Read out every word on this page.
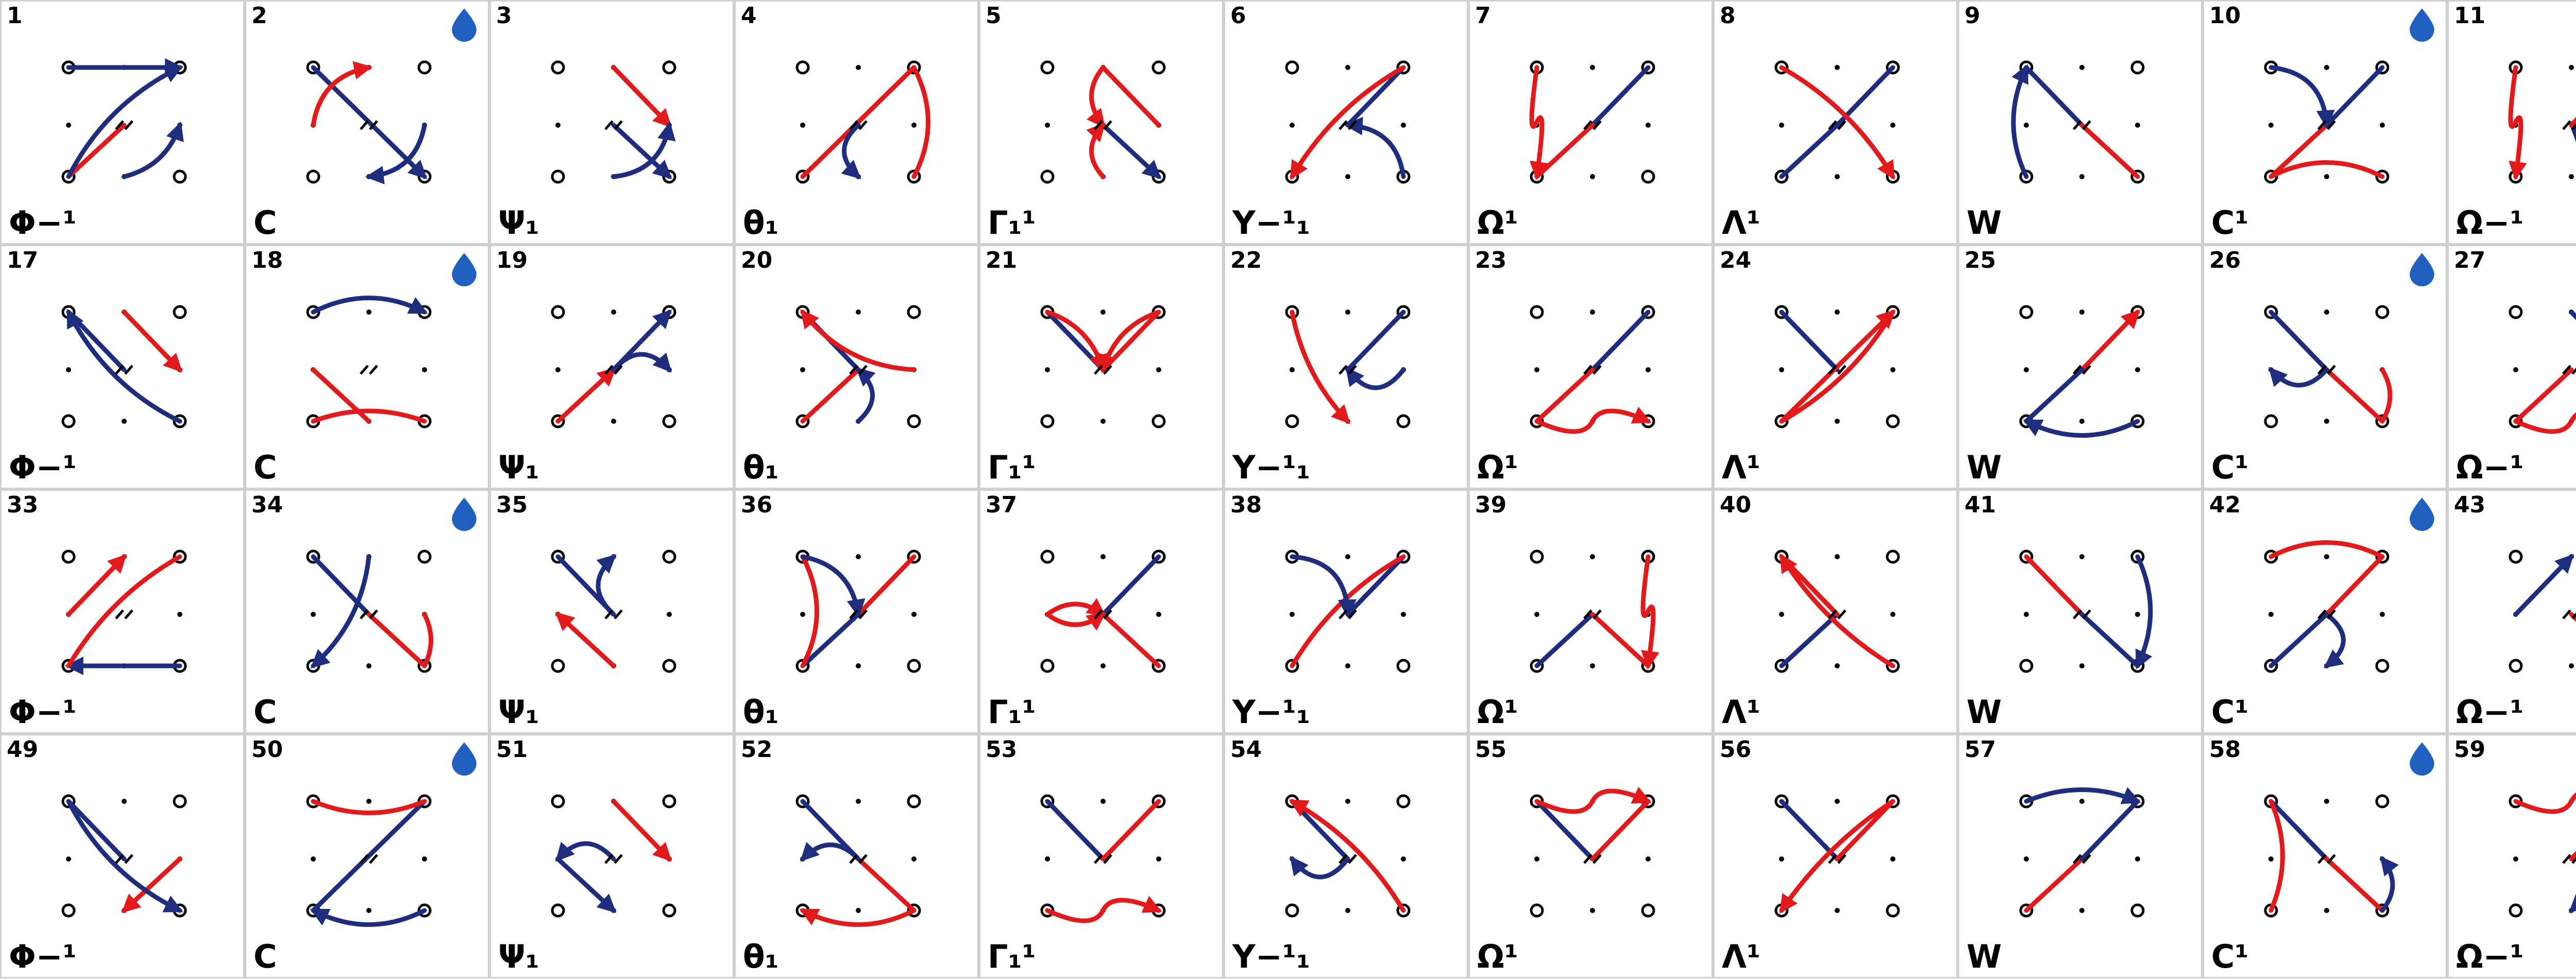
1
Φ−¹
2
C
3
Ψ₁
4
θ₁
5
Γ₁¹
6
Υ−¹₁
7
Ω¹
8
Λ¹
9
W
10
C¹
11
Ω−¹
17
Φ−¹
18
C
19
Ψ₁
20
θ₁
21
Γ₁¹
22
Υ−¹₁
23
Ω¹
24
Λ¹
25
W
26
C¹
27
Ω−¹
33
Φ−¹
34
C
35
Ψ₁
36
θ₁
37
Γ₁¹
38
Υ−¹₁
39
Ω¹
40
Λ¹
41
W
42
C¹
43
Ω−¹
49
Φ−¹
50
C
51
Ψ₁
52
θ₁
53
Γ₁¹
54
Υ−¹₁
55
Ω¹
56
Λ¹
57
W
58
C¹
59
Ω−¹
